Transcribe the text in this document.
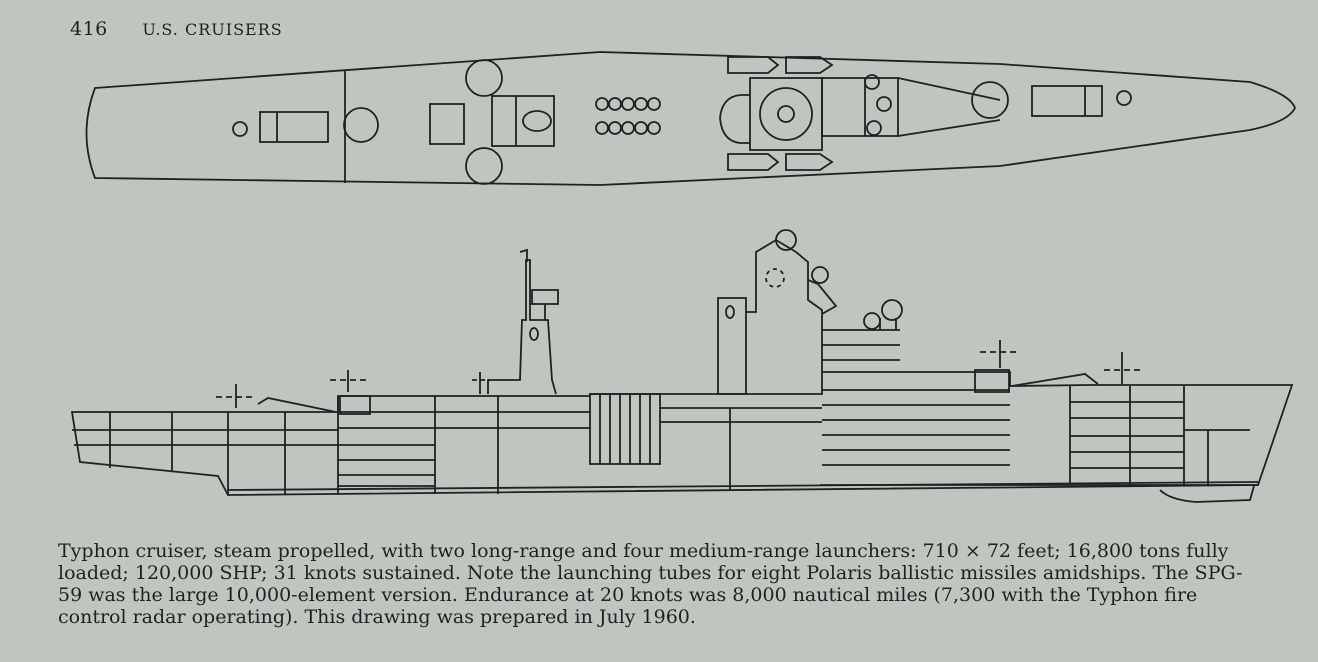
416 U.S. CRUISERS
Typhon cruiser, steam propelled, with two long-range and four medium-range launchers: 710 × 72 feet; 16,800 tons fully
loaded; 120,000 SHP; 31 knots sustained. Note the launching tubes for eight Polaris ballistic missiles amidships. The SPG-
59 was the large 10,000-element version. Endurance at 20 knots was 8,000 nautical miles (7,300 with the Typhon fire
control radar operating). This drawing was prepared in July 1960.
